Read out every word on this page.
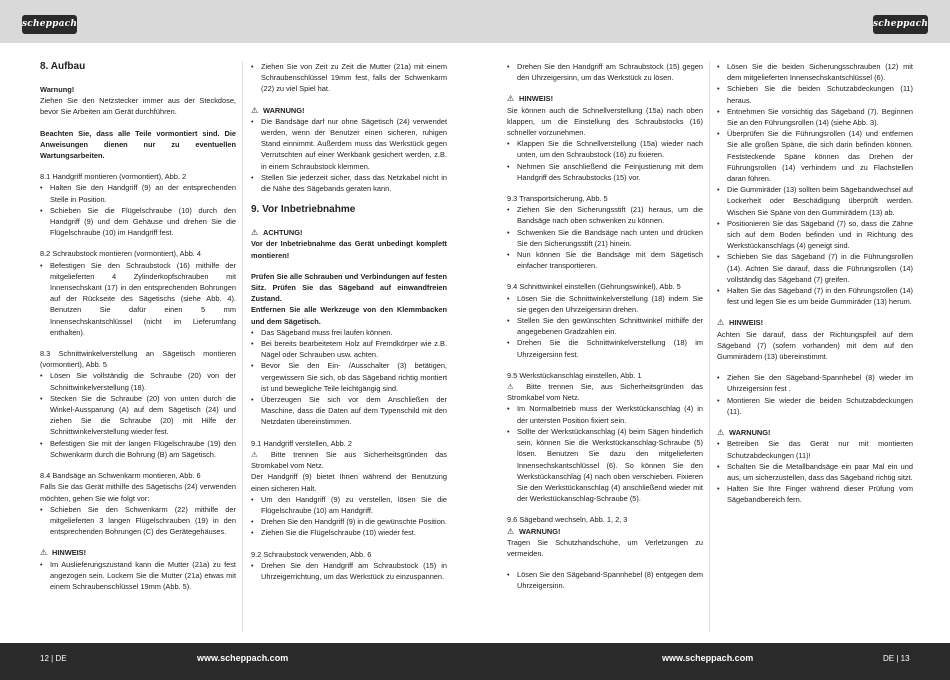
scheppach	scheppach
8. Aufbau

Warnung!

Ziehen Sie den Netzstecker immer aus der Steckdose, bevor Sie Arbeiten am Gerät durchführen.

Beachten Sie, dass alle Teile vormontiert sind. Die Anweisungen dienen nur zu eventuellen Wartungsarbeiten.

8.1 Handgriff montieren (vormontiert), Abb. 2

• Halten Sie den Handgriff (9) an der entsprechenden Stelle in Position.
• Schieben Sie die Flügelschraube (10) durch den Handgriff (9) und dem Gehäuse und drehen Sie die Flügelschraube (10) im Handgriff fest.

8.2 Schraubstock montieren (vormontiert), Abb. 4

• Befestigen Sie den Schraubstock (16) mithilfe der mitgelieferten 4 Zylinderkopfschrauben mit Innensechskant (17) in den entsprechenden Bohrungen auf der Rückseite des Sägetischs (siehe Abb. 4). Benutzen Sie dafür einen 5 mm Innensechskantschlüssel (nicht im Lieferumfang enthalten).

8.3 Schnittwinkelverstellung an Sägetisch montieren (vormontiert), Abb. 5

• Lösen Sie vollständig die Schraube (20) von der Schnittwinkelverstellung (18).
• Stecken Sie die Schraube (20) von unten durch die Winkel-Aussparung (A) auf dem Sägetisch (24) und ziehen Sie die Schraube (20) mit Hilfe der Schnittwinkelverstellung wieder fest.
• Befestigen Sie mit der langen Flügelschraube (19) den Schwenkarm durch die Bohrung (B) am Sägetisch.

8.4 Bandsäge an Schwenkarm montieren, Abb. 6

Falls Sie das Gerät mithilfe des Sägetischs (24) verwenden möchten, gehen Sie wie folgt vor:

• Schieben Sie den Schwenkarm (22) mithilfe der mitgelieferten 3 langen Flügelschrauben (19) in den entsprechenden Bohrungen (C) des Gerätegehäuses.
⚠ HINWEIS!
• Im Auslieferungszustand kann die Mutter (21a) zu fest angezogen sein. Lockern Sie die Mutter (21a) etwas mit einem Schraubenschlüssel 19mm (Abb. 5).
• Ziehen Sie von Zeit zu Zeit die Mutter (21a) mit einem Schraubenschlüssel 19mm fest, falls der Schwenkarm (22) zu viel Spiel hat.
⚠ WARNUNG!
• Die Bandsäge darf nur ohne Sägetisch (24) verwendet werden, wenn der Benutzer einen sicheren, ruhigen Stand einnimmt. Außerdem muss das Werkstück gegen Verrutschten auf einer Werkbank gesichert werden, z.B. in einem Schraubstock klemmen.
• Stellen Sie jederzeit sicher, dass das Netzkabel nicht in die Nähe des Sägebands geraten kann.
9. Vor Inbetriebnahme
⚠ ACHTUNG!

Vor der Inbetriebnahme das Gerät unbedingt komplett montieren!

Prüfen Sie alle Schrauben und Verbindungen auf festen Sitz. Prüfen Sie das Sägeband auf einwandfreien Zustand.

Entfernen Sie alle Werkzeuge von den Klemmbacken und dem Sägetisch.

• Das Sägeband muss frei laufen können.
• Bei bereits bearbeitetem Holz auf Fremdkörper wie z.B. Nägel oder Schrauben usw. achten.
• Bevor Sie den Ein- /Ausschalter (3) betätigen, vergewissern Sie sich, ob das Sägeband richtig montiert ist und bewegliche Teile leichtgängig sind.
• Überzeugen Sie sich vor dem Anschließen der Maschine, dass die Daten auf dem Typenschild mit den Netzdaten übereinstimmen.

9.1 Handgriff verstellen, Abb. 2

⚠ Bitte trennen Sie aus Sicherheitsgründen das Stromkabel vom Netz.

Der Handgriff (9) bietet Ihnen während der Benutzung einen sicheren Halt.

• Um den Handgriff (9) zu verstellen, lösen Sie die Flügelschraube (10) am Handgriff.
• Drehen Sie den Handgriff (9) in die gewünschte Position.
• Ziehen Sie die Flügelschraube (10) wieder fest.

9.2 Schraubstock verwenden, Abb. 6

• Drehen Sie den Handgriff am Schraubstock (15) in Uhrzeigerrichtung, um das Werkstück zu einzuspannen.
• Drehen Sie den Handgriff am Schraubstock (15) gegen den Uhrzeigersinn, um das Werkstück zu lösen.
⚠ HINWEIS!

Sie können auch die Schnellverstellung (15a) nach oben klappen, um die Einstellung des Schraubstocks (16) schneller vorzunehmen.

• Klappen Sie die Schnellverstellung (15a) wieder nach unten, um den Schraubstock (16) zu fixieren.
• Nehmen Sie anschließend die Feinjustierung mit dem Handgriff des Schraubstocks (15) vor.

9.3 Transportsicherung, Abb. 5

• Ziehen Sie den Sicherungsstift (21) heraus, um die Bandsäge nach oben schwenken zu können.
• Schwenken Sie die Bandsäge nach unten und drücken Sie den Sicherungsstift (21) hinein.
• Nun können Sie die Bandsäge mit dem Sägetisch einfacher transportieren.

9.4 Schnittwinkel einstellen (Gehrungswinkel), Abb. 5

• Lösen Sie die Schnittwinkelverstellung (18) indem Sie sie gegen den Uhrzeigersinn drehen.
• Stellen Sie den gewünschten Schnittwinkel mithilfe der angegebenen Gradzahlen ein.
• Drehen Sie die Schnittwinkelverstellung (18) im Uhrzeigersinn fest.

9.5 Werkstückanschlag einstellen, Abb. 1

⚠ Bitte trennen Sie, aus Sicherheitsgründen das Stromkabel vom Netz.

• Im Normalbetrieb muss der Werkstückanschlag (4) in der untersten Position fixiert sein.
• Sollte der Werkstückanschlag (4) beim Sägen hinderlich sein, können Sie die Werkstückanschlag-Schraube (5) lösen. Benutzen Sie dazu den mitgelieferten Innensechskantschlüssel (6). So können Sie den Werkstückanschlag (4) nach oben verschieben. Fixieren Sie den Werkstückanschlag (4) anschließend wieder mit der Werkstückanschlag-Schraube (5).

9.6 Sägeband wechseln, Abb. 1, 2, 3

⚠ WARNUNG!

Tragen Sie Schutzhandschuhe, um Verletzungen zu vermeiden.

• Lösen Sie den Sägeband-Spannhebel (8) entgegen dem Uhrzeigersinn.
• Lösen Sie die beiden Sicherungsschrauben (12) mit dem mitgelieferten Innensechskantschlüssel (6).
• Schieben Sie die beiden Schutzabdeckungen (11) heraus.
• Entnehmen Sie vorsichtig das Sägeband (7). Beginnen Sie an den Führungsrollen (14) (siehe Abb. 3).
• Überprüfen Sie die Führungsrollen (14) und entfernen Sie alle großen Späne, die sich darin befinden können. Feststeckende Späne können das Drehen der Führungsrollen (14) verhindern und zu Flachstellen daran führen.
• Die Gummiräder (13) sollten beim Sägebandwechsel auf Lockerheit oder Beschädigung überprüft werden. Wischen Sie Späne von den Gummirädern (13) ab.
• Positionieren Sie das Sägeband (7) so, dass die Zähne sich auf dem Boden befinden und in Richtung des Werkstückanschlags (4) geneigt sind.
• Schieben Sie das Sägeband (7) in die Führungsrollen (14). Achten Sie darauf, dass die Führungsrollen (14) vollständig das Sägeband (7) greifen.
• Halten Sie das Sägeband (7) in den Führungsrollen (14) fest und legen Sie es um beide Gummiräder (13) herum.
⚠ HINWEIS!

Achten Sie darauf, dass der Richtungspfeil auf dem Sägeband (7) (sofern vorhanden) mit dem auf den Gummirädern (13) übereinstimmt.

• Ziehen Sie den Sägeband-Spannhebel (8) wieder im Uhrzeigersinn fest .
• Montieren Sie wieder die beiden Schutzabdeckungen (11).
⚠ WARNUNG!
• Betreiben Sie das Gerät nur mit montierten Schutzabdeckungen (11)!
• Schalten Sie die Metallbandsäge ein paar Mal ein und aus, um sicherzustellen, dass das Sägeband richtig sitzt.
• Halten Sie Ihre Finger während dieser Prüfung vom Sägebandbereich fern.
12 | DE	www.scheppach.com	www.scheppach.com	DE | 13
